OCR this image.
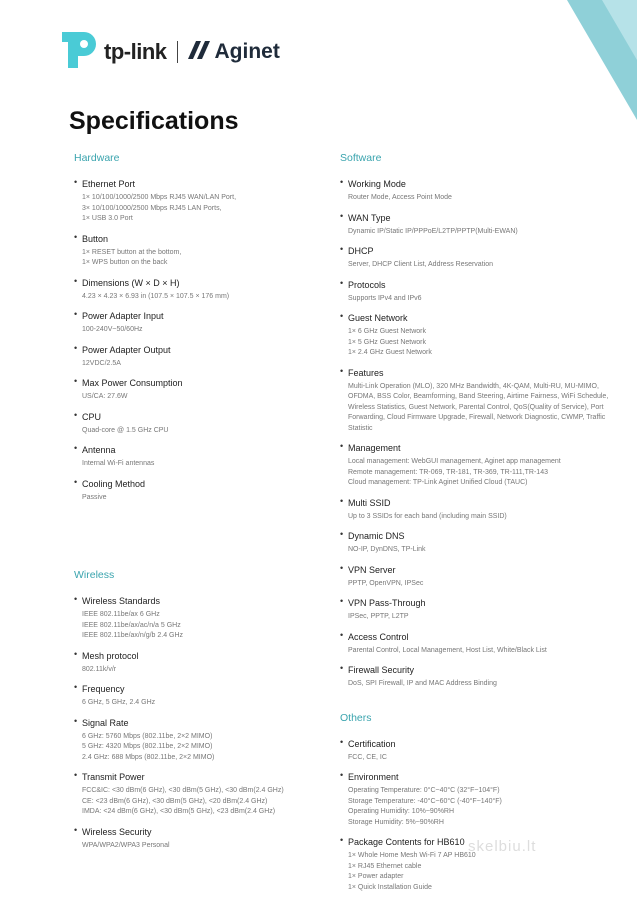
tp-link Aginet
Specifications
Hardware
• Ethernet Port
1× 10/100/1000/2500 Mbps RJ45 WAN/LAN Port,
3× 10/100/1000/2500 Mbps RJ45 LAN Ports,
1× USB 3.0 Port
• Button
1× RESET button at the bottom,
1× WPS button on the back
• Dimensions (W × D × H)
4.23 × 4.23 × 6.93 in (107.5 × 107.5 × 176 mm)
• Power Adapter Input
100-240V~50/60Hz
• Power Adapter Output
12VDC/2.5A
• Max Power Consumption
US/CA: 27.6W
• CPU
Quad-core @ 1.5 GHz CPU
• Antenna
Internal Wi-Fi antennas
• Cooling Method
Passive
Wireless
• Wireless Standards
IEEE 802.11be/ax 6 GHz
IEEE 802.11be/ax/ac/n/a 5 GHz
IEEE 802.11be/ax/n/g/b 2.4 GHz
• Mesh protocol
802.11k/v/r
• Frequency
6 GHz, 5 GHz, 2.4 GHz
• Signal Rate
6 GHz: 5760 Mbps (802.11be, 2×2 MIMO)
5 GHz: 4320 Mbps (802.11be, 2×2 MIMO)
2.4 GHz: 688 Mbps (802.11be, 2×2 MIMO)
• Transmit Power
FCC&IC: <30 dBm(6 GHz), <30 dBm(5 GHz), <30 dBm(2.4 GHz)
CE: <23 dBm(6 GHz), <30 dBm(5 GHz), <20 dBm(2.4 GHz)
IMDA: <24 dBm(6 GHz), <30 dBm(5 GHz), <23 dBm(2.4 GHz)
• Wireless Security
WPA/WPA2/WPA3 Personal
Software
• Working Mode
Router Mode, Access Point Mode
• WAN Type
Dynamic IP/Static IP/PPPoE/L2TP/PPTP(Multi-EWAN)
• DHCP
Server, DHCP Client List, Address Reservation
• Protocols
Supports IPv4 and IPv6
• Guest Network
1× 6 GHz Guest Network
1× 5 GHz Guest Network
1× 2.4 GHz Guest Network
• Features
Multi-Link Operation (MLO), 320 MHz Bandwidth, 4K-QAM, Multi-RU, MU-MIMO, OFDMA, BSS Color, Beamforming, Band Steering, Airtime Fairness, WiFi Schedule, Wireless Statistics, Guest Network, Parental Control, QoS(Quality of Service), Port Forwarding, Cloud Firmware Upgrade, Firewall, Network Diagnostic, CWMP, Traffic Statistic
• Management
Local management: WebGUI management, Aginet app management
Remote management: TR-069, TR-181, TR-369, TR-111,TR-143
Cloud management: TP-Link Aginet Unified Cloud (TAUC)
• Multi SSID
Up to 3 SSIDs for each band (including main SSID)
• Dynamic DNS
NO-IP, DynDNS, TP-Link
• VPN Server
PPTP, OpenVPN, IPSec
• VPN Pass-Through
IPSec, PPTP, L2TP
• Access Control
Parental Control, Local Management, Host List, White/Black List
• Firewall Security
DoS, SPI Firewall, IP and MAC Address Binding
Others
• Certification
FCC, CE, IC
• Environment
Operating Temperature: 0°C~40°C (32°F~104°F)
Storage Temperature: -40°C~60°C (-40°F~140°F)
Operating Humidity: 10%~90%RH
Storage Humidity: 5%~90%RH
• Package Contents for HB610
1× Whole Home Mesh Wi-Fi 7 AP HB610
1× RJ45 Ethernet cable
1× Power adapter
1× Quick Installation Guide
skelbiu.lt
